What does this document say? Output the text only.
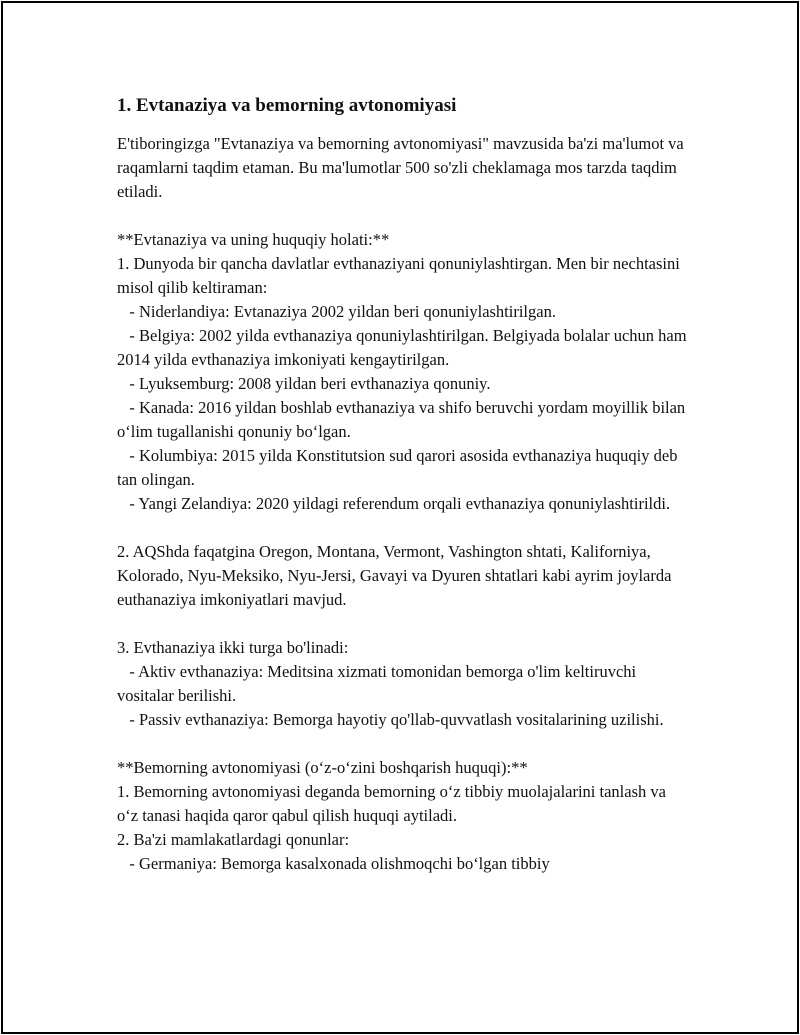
1. Evtanaziya va bemorning avtonomiyasi

E'tiboringizga "Evtanaziya va bemorning avtonomiyasi" mavzusida ba'zi ma'lumot va raqamlarni taqdim etaman. Bu ma'lumotlar 500 so'zli cheklamaga mos tarzda taqdim etiladi.

**Evtanaziya va uning huquqiy holati:**

1. Dunyoda bir qancha davlatlar evthanaziyani qonuniylashtirgan. Men bir nechtasini misol qilib keltiraman:

- Niderlandiya: Evtanaziya 2002 yildan beri qonuniylashtirilgan.

- Belgiya: 2002 yilda evthanaziya qonuniylashtirilgan. Belgiyada bolalar uchun ham 2014 yilda evthanaziya imkoniyati kengaytirilgan.

- Lyuksemburg: 2008 yildan beri evthanaziya qonuniy.

- Kanada: 2016 yildan boshlab evthanaziya va shifo beruvchi yordam moyillik bilan o‘lim tugallanishi qonuniy bo‘lgan.

- Kolumbiya: 2015 yilda Konstitutsion sud qarori asosida evthanaziya huquqiy deb tan olingan.

- Yangi Zelandiya: 2020 yildagi referendum orqali evthanaziya qonuniylashtirildi.

2. AQShda faqatgina Oregon, Montana, Vermont, Vashington shtati, Kaliforniya, Kolorado, Nyu-Meksiko, Nyu-Jersi, Gavayi va Dyuren shtatlari kabi ayrim joylarda euthanaziya imkoniyatlari mavjud.

3. Evthanaziya ikki turga bo'linadi:

- Aktiv evthanaziya: Meditsina xizmati tomonidan bemorga o'lim keltiruvchi vositalar berilishi.

- Passiv evthanaziya: Bemorga hayotiy qo'llab-quvvatlash vositalarining uzilishi.

**Bemorning avtonomiyasi (o‘z-o‘zini boshqarish huquqi):**

1. Bemorning avtonomiyasi deganda bemorning o‘z tibbiy muolajalarini tanlash va o‘z tanasi haqida qaror qabul qilish huquqi aytiladi.

2. Ba'zi mamlakatlardagi qonunlar:

- Germaniya: Bemorga kasalxonada olishmoqchi bo‘lgan tibbiy
